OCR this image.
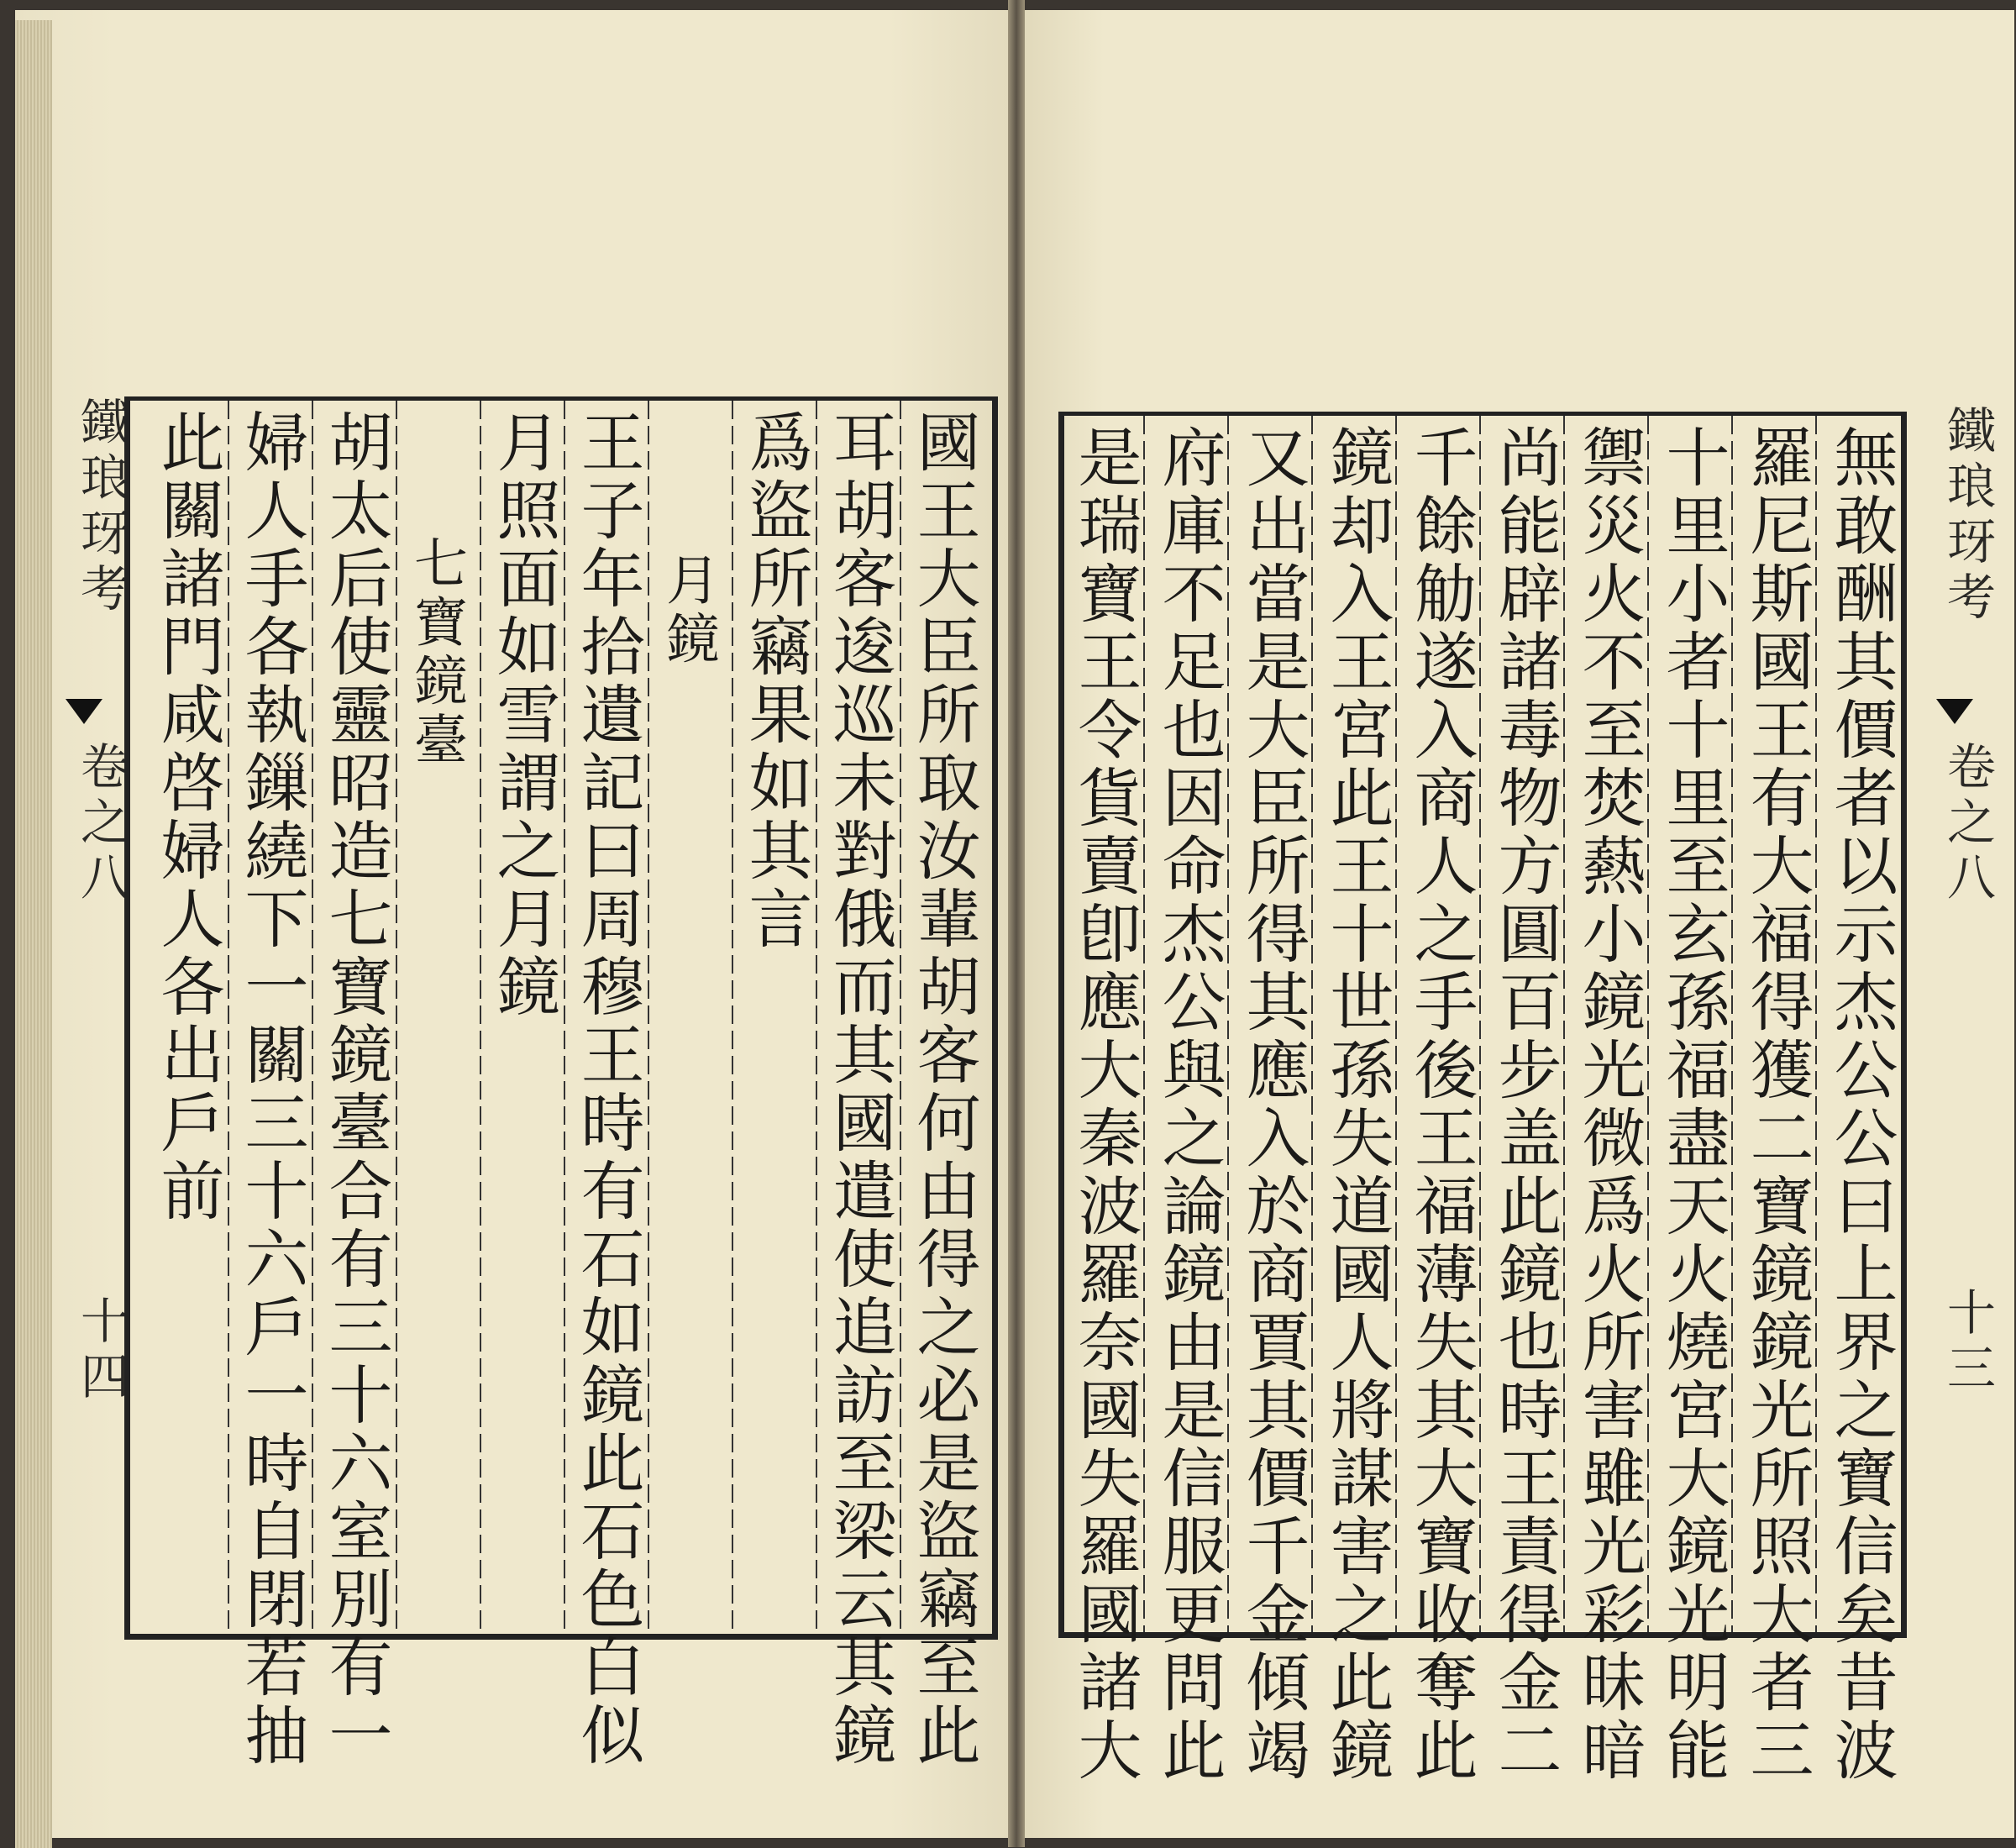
鐵琅玡考
卷之八
十四	國王大臣所取汝輩胡客何由得之必是盜竊至此
耳胡客逡巡未對俄而其國遣使追訪至梁云其鏡
爲盜所竊果如其言
月鏡
王子年拾遺記曰周穆王時有石如鏡此石色白似
月照面如雪謂之月鏡
七寶鏡臺
胡太后使靈昭造七寶鏡臺合有三十六室別有一
婦人手各執鏁繞下一關三十六戶一時自閉若抽
此關諸門咸啓婦人各出戶前	無敢酬其價者以示杰公公曰上界之寶信矣昔波
羅尼斯國王有大福得獲二寶鏡鏡光所照大者三
十里小者十里至玄孫福盡天火燒宮大鏡光明能
禦災火不至焚爇小鏡光微爲火所害雖光彩昧暗
尚能辟諸毒物方圓百步盖此鏡也時王責得金二
千餘觔遂入商人之手後王福薄失其大寶收奪此
鏡却入王宮此王十世孫失道國人將謀害之此鏡
又出當是大臣所得其應入於商賈其價千金傾竭
府庫不足也因命杰公與之論鏡由是信服更問此
是瑞寶王令貨賣卽應大秦波羅奈國失羅國諸大	鐵琅玡考
卷之八
十三
